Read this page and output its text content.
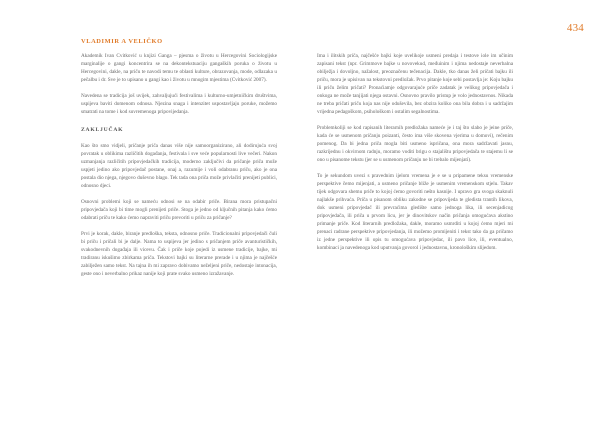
434
VLADIMIR A VELIČKO

Akademik Ivan Cvitković u knjizi Ganga – pjesma o životu u Hercegovini Sociologijske marginalije o gangi koncentrira se na dekontekstuaciju gangaških poruka o životu u Hercegovini, dakle, na priču te navodi temu te oblasti kulture, obrazovanja, mode, odlazaka u pečalbu i dr. Sve je to upisano u gangi kao i životu u mnogim mjestima (Cvitković 2007).

Navedena se tradicija još uvijek, zahvaljujući festivalima i kulturno-umjetničkim društvima, uspijeva baviti domenom odnosa. Njezina snaga i intenzitet uspostavljaju poruke, možemo smatrati na tome i kod suvremenoga pripovijedanja.

ZAKLJUČAK

Kao što smo vidjeli, pričanje priča danas više nije samoorganizirano, ali dodirujuća svoj povratak u oblikima različitih događanja, festivala i sve veće popularnosti live večeri. Nakon uzmanjanja različitih pripovjedačkih tradicija, moderno zaključivi da pričanje priča može uspjeti jedino ako pripovjedač postane, onaj a, razumije i voli odabranu priču, ako je ona postala dio njega, njegovo duševno blago. Tek tada ona priča može privlačiti prenijeti publici, odnosno djeci.

Osnovni problemi koji se nameću odnosi se na odabir priče. Birana mora pristupačni pripovjedača koji bi time mogli prenijeti priče. Stoga je jedno od ključnih pitanja kako ćemo odabrati priču te kako ćemo napraviti priču prevoriti u priču za pričanje?

Prvi je korak, dakle, biranje predloška, teksta, odnosno priče. Tradicionalni pripovjedači čuli bi priču i pričali bi je dalje. Nama to uspijeva jer jedino s pričanjem priče avanturističkih, svakodnevnih događaja ili vicevu. Čak i priče koje pojedi iz usmene tradicije, bajke, mi tradiranu iskušimo zbirkama priča. Tekstovi bajki su literarne prerade i u njima je najčešće zabilježen samo tekst. Na tajna ih mi zapravo dobivamo neželjeni priče, nedostaje intonacija, geste ono i neverbalno prikaz nanije koji prate svako usmeno izražavanje.

Ima i ilitskih priča, najčešće bajki koje uvelikoje usmeni predaja i testove iole im učinim zapisani tekst (npr. Grimmove bajke u novovekud, međuinim i njima nedostaje neverbalna obilježja i dovoljno, nažalost, preoznačenu tečenacija. Dakle, tko danas želi pričati bajku ili priču, mora je upisivan na tekstovni predložak. Prvo pitanje koje sebi postavlja je: Koju bajku ili priču želim pričati? Pronaćiamje odgovarajuće priče zadatak je velikog pripovjedača i onkoga ne može tanjijati njega ostavni. Osnovno pravilo pristup je volo jednostavnos. Nikada ne treba pričati priču koja nas nije oduševila, bez obzira koliko ona bila dobra i u sadržajim vrijedna pedagoškom, psihološkom i ostalim segalnostima.

Problemkoliji se kod rapisanih literarnih predložaka nameće je i taj što slabo je jeine priče, kada će se usmenom pričanju poizanti, često ima više skovena vjerima u domovi), rečenim pomenog. Da bi jedna priča mogla biti usmeno ispričana, ona mora sadržavati jasnu, razkrijednu i okvirnom radnju, moramo voditi brigu o stajalištu pripovjedača te stajemu li se ono u pisanome tekstu (jer se u usmenom pričanju ne bi trebalo mijenjati).

To je sekundom uvezi s pravednim ijelom vremena je e se u pripamene teksu vremenske perspektive čemo mijenjati, a usmeno pričanje bliže je usmenim vremenskom stjelu. Takav tijek odgovara shemu priče to kojoj ćemo govoriti nešto kasnije. I upravo gra svoga skaknuli najlakše prihvaća. Priča u pisanom obliku zakodne se pripovijeda te gledista trantih likova, dok usmeni pripovjedač ili prevraćima gledište samo jednoga lika, ili secenjadicog pripovjedača, ili priča u prvom licu, jer je dinovitskov način pričanja omogućava akstino primanje priče. Kod literarnih predložaka, dakle, moramo usmrditi u kojoj ćemo mjeri mi prenaci radrane perspektive pripovjedanja, ili možemo promijeniti i tekst tako da ga pričamo iz jedne perspektive ili opis tu omogućava pripovjedac, ili pavo lice, ili, eventualno, kombinaci ja navedenoga kod uputvanja govorol i jednostavnu, kronološkim slijedom.
